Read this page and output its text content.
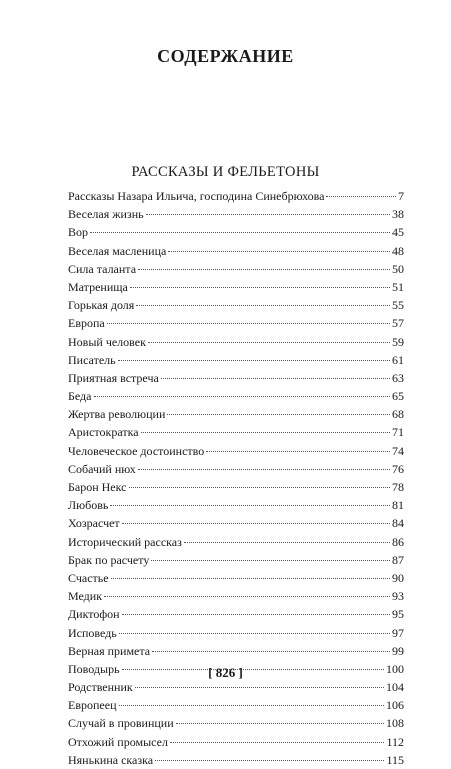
СОДЕРЖАНИЕ
РАССКАЗЫ И ФЕЛЬЕТОНЫ
Рассказы Назара Ильича, господина Синебрюхова	7
Веселая жизнь	38
Вор	45
Веселая масленица	48
Сила таланта	50
Матренища	51
Горькая доля	55
Европа	57
Новый человек	59
Писатель	61
Приятная встреча	63
Беда	65
Жертва революции	68
Аристократка	71
Человеческое достоинство	74
Собачий нюх	76
Барон Некс	78
Любовь	81
Хозрасчет	84
Исторический рассказ	86
Брак по расчету	87
Счастье	90
Медик	93
Диктофон	95
Исповедь	97
Верная примета	99
Поводырь	100
Родственник	104
Европеец	106
Случай в провинции	108
Отхожий промысел	112
Нянькина сказка	115
[ 826 ]
